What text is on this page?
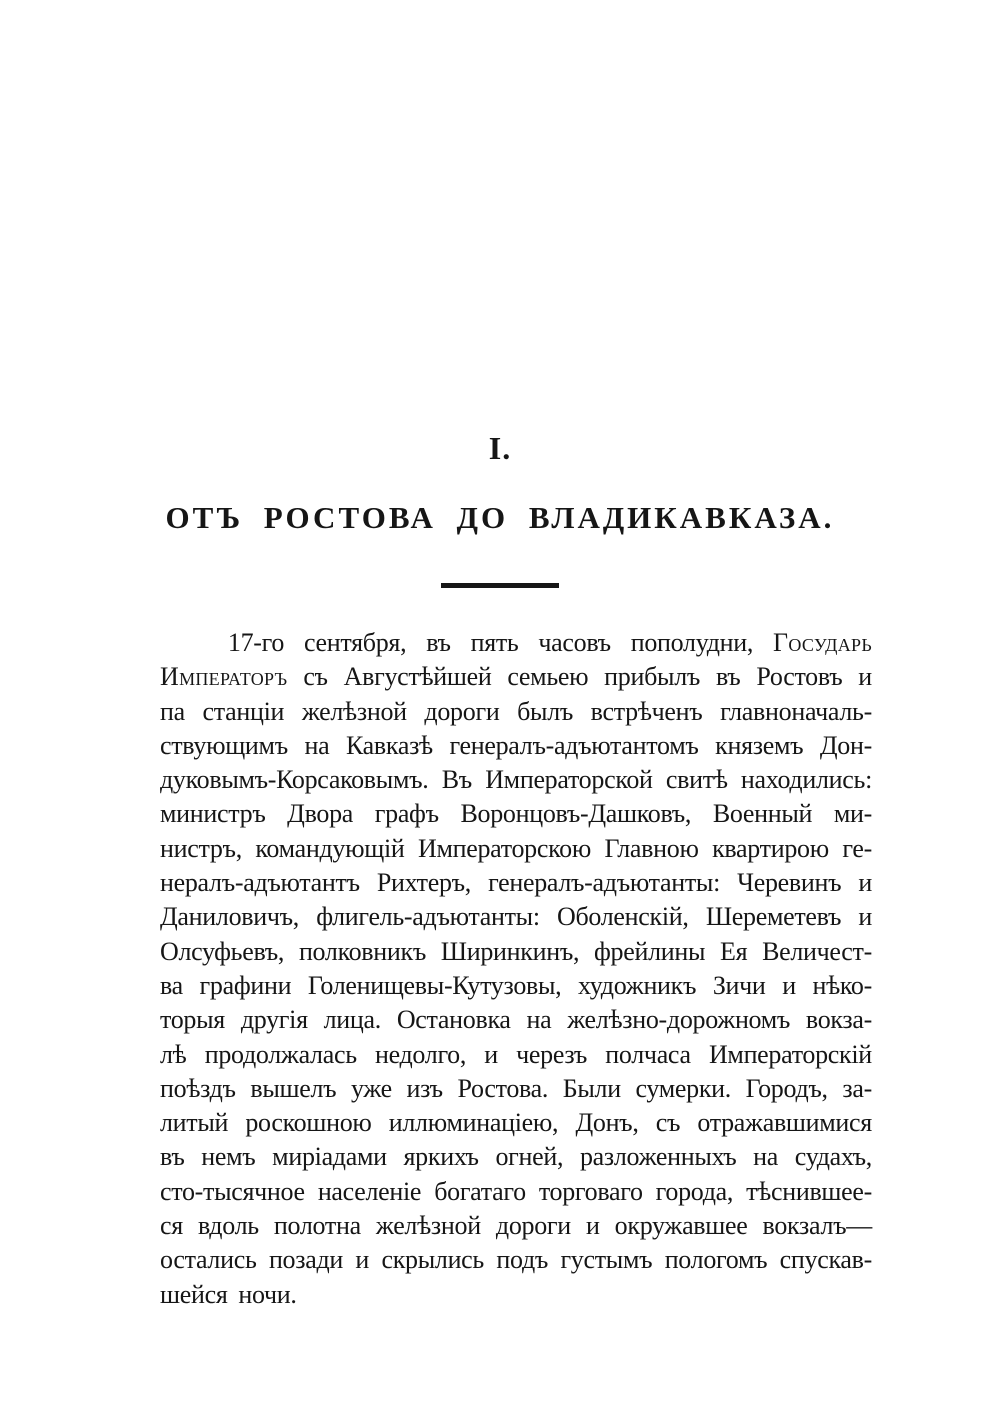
I.
ОТЪ РОСТОВА ДО ВЛАДИКАВКАЗА.
17-го сентября, въ пять часовъ пополудни, Государь
Императоръ съ Августѣйшей семьею прибылъ въ Ростовъ и
па станціи желѣзной дороги былъ встрѣченъ главноначаль-
ствующимъ на Кавказѣ генералъ-адъютантомъ княземъ Дон-
дуковымъ-Корсаковымъ. Въ Императорской свитѣ находились:
министръ Двора графъ Воронцовъ-Дашковъ, Военный ми-
нистръ, командующій Императорскою Главною квартирою ге-
нералъ-адъютантъ Рихтеръ, генералъ-адъютанты: Черевинъ и
Даниловичъ, флигель-адъютанты: Оболенскій, Шереметевъ и
Олсуфьевъ, полковникъ Ширинкинъ, фрейлины Ея Величест-
ва графини Голенищевы-Кутузовы, художникъ Зичи и нѣко-
торыя другія лица. Остановка на желѣзно-дорожномъ вокза-
лѣ продолжалась недолго, и черезъ полчаса Императорскій
поѣздъ вышелъ уже изъ Ростова. Были сумерки. Городъ, за-
литый роскошною иллюминаціею, Донъ, съ отражавшимися
въ немъ миріадами яркихъ огней, разложенныхъ на судахъ,
сто-тысячное населеніе богатаго торговаго города, тѣснившее-
ся вдоль полотна желѣзной дороги и окружавшее вокзалъ—
остались позади и скрылись подъ густымъ пологомъ спускав-
шейся ночи.
